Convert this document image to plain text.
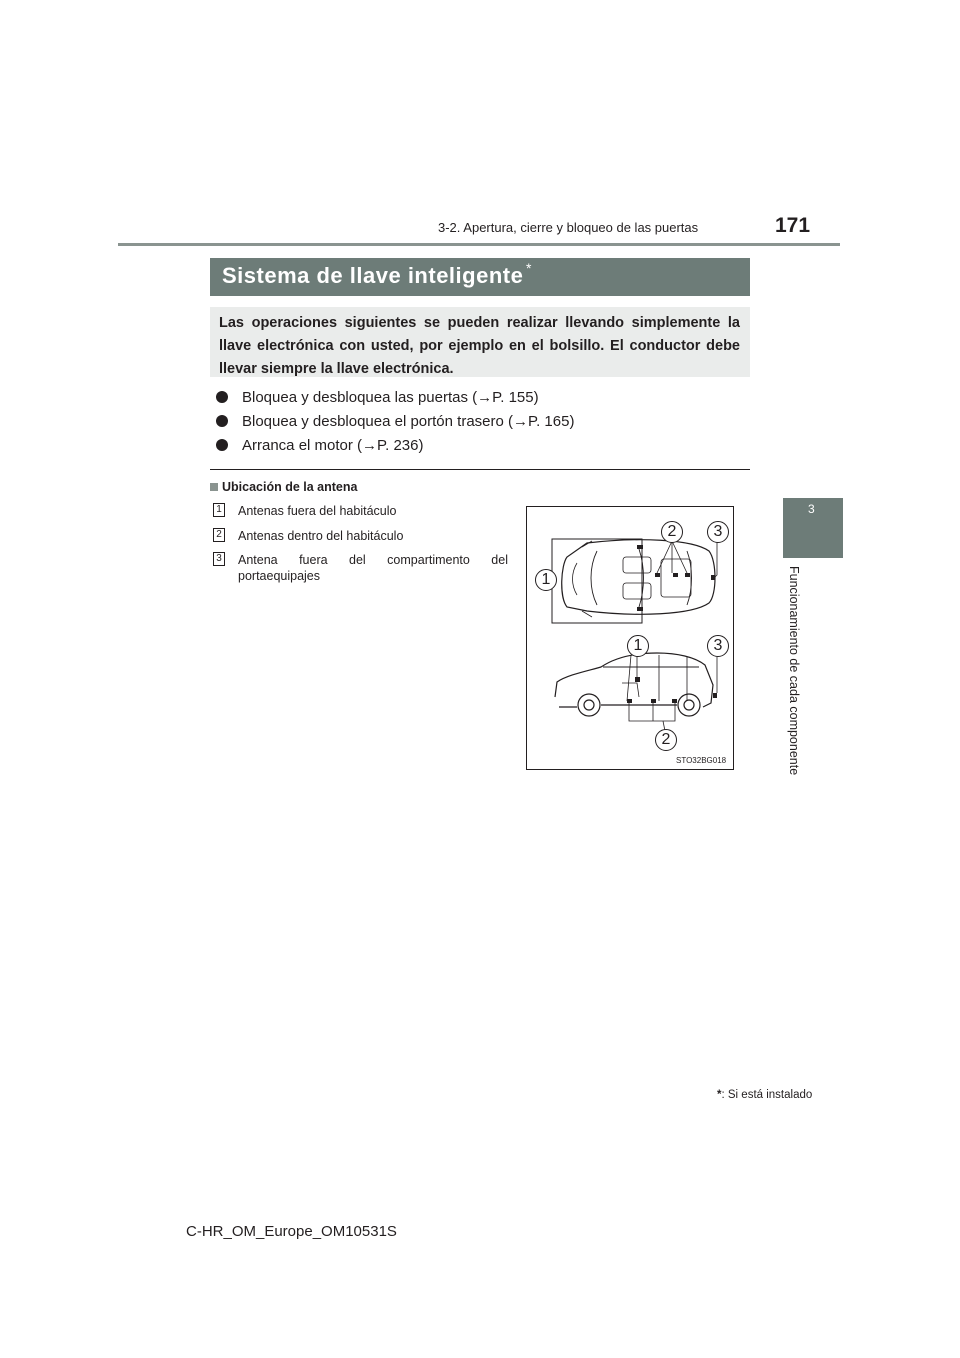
3-2. Apertura, cierre y bloqueo de las puertas	171
3
Funcionamiento de cada componente
Sistema de llave inteligente *

Las operaciones siguientes se pueden realizar llevando simplemente la llave electrónica con usted, por ejemplo en el bolsillo. El conductor debe llevar siempre la llave electrónica.

Bloquea y desbloquea las puertas (→P. 155)
Bloquea y desbloquea el portón trasero (→P. 165)
Arranca el motor (→P. 236)
Ubicación de la antena
1 Antenas fuera del habitáculo
2 Antenas dentro del habitáculo
3 Antena fuera del compartimento del portaequipajes	1
2	3
1	3
2
STO32BG018
*: Si está instalado
C-HR_OM_Europe_OM10531S
